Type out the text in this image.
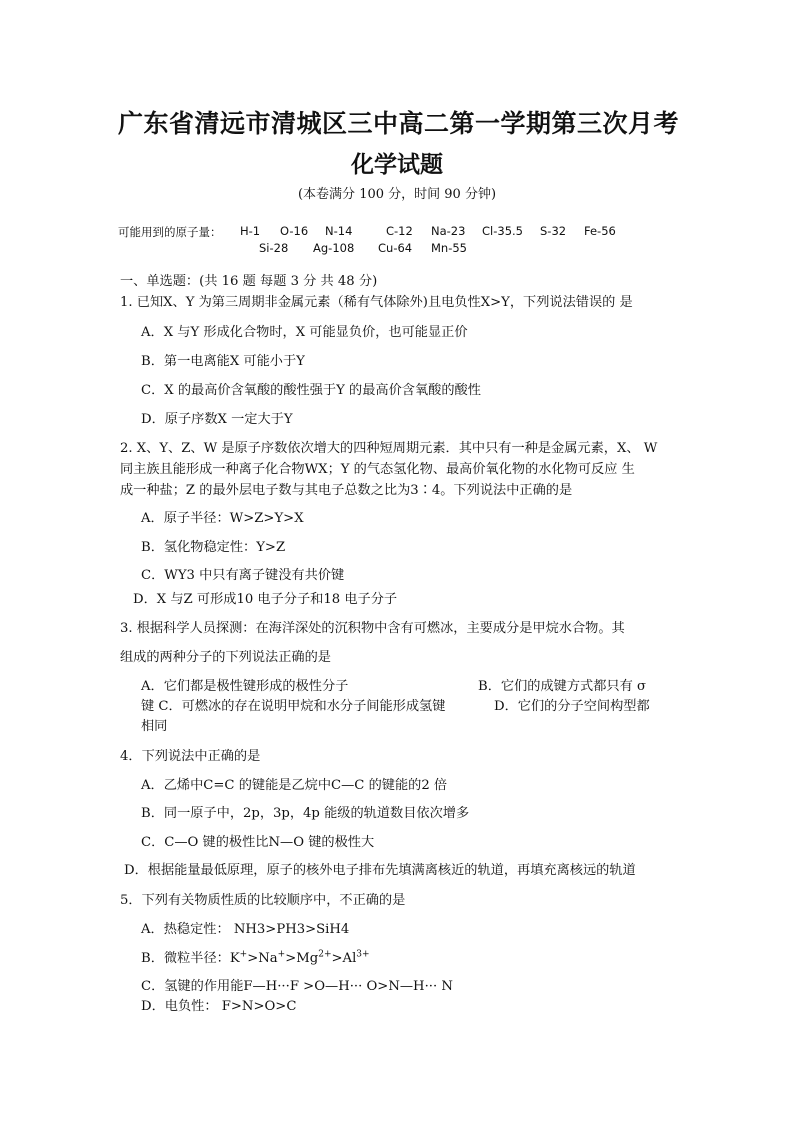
广东省清远市清城区三中高二第一学期第三次月考
化学试题
(本卷满分 100 分，时间 90 分钟)
可能用到的原子量： H-1 O-16 N-14	C-12 Na-23 Cl-35.5 S-32 Fe-56
Si-28 Ag-108 Cu-64 Mn-55
一、单选题：(共 16 题 每题 3 分 共 48 分)
1. 已知X、Y 为第三周期非金属元素（稀有气体除外)且电负性X>Y，下列说法错误的 是
A．X 与Y 形成化合物时，X 可能显负价，也可能显正价
B．第一电离能X 可能小于Y
C．X 的最高价含氧酸的酸性强于Y 的最高价含氧酸的酸性
D．原子序数X 一定大于Y
2. X、Y、Z、W 是原子序数依次增大的四种短周期元素．其中只有一种是金属元素，X、 W
同主族且能形成一种离子化合物WX；Y 的气态氢化物、最高价氧化物的水化物可反应 生
成一种盐；Z 的最外层电子数与其电子总数之比为3∶4。下列说法中正确的是
A．原子半径：W>Z>Y>X
B．氢化物稳定性：Y>Z
C．WY3 中只有离子键没有共价键
D．X 与Z 可形成10 电子分子和18 电子分子
3. 根据科学人员探测：在海洋深处的沉积物中含有可燃冰，主要成分是甲烷水合物。其
组成的两种分子的下列说法正确的是
A．它们都是极性键形成的极性分子	B．它们的成键方式都只有 σ
键 C．可燃冰的存在说明甲烷和水分子间能形成氢键	D．它们的分子空间构型都
相同
4．下列说法中正确的是
A．乙烯中C=C 的键能是乙烷中C—C 的键能的2 倍
B．同一原子中，2p，3p，4p 能级的轨道数目依次增多
C．C—O 键的极性比N—O 键的极性大
D．根据能量最低原理，原子的核外电子排布先填满离核近的轨道，再填充离核远的轨道
5．下列有关物质性质的比较顺序中，不正确的是
A．热稳定性： NH3>PH3>SiH4
B．微粒半径：$K^+>Na^+>Mg^{2+}>Al^{3+}$
C．氢键的作用能F—H···F >O—H··· O>N—H··· N
D．电负性： F>N>O>C
